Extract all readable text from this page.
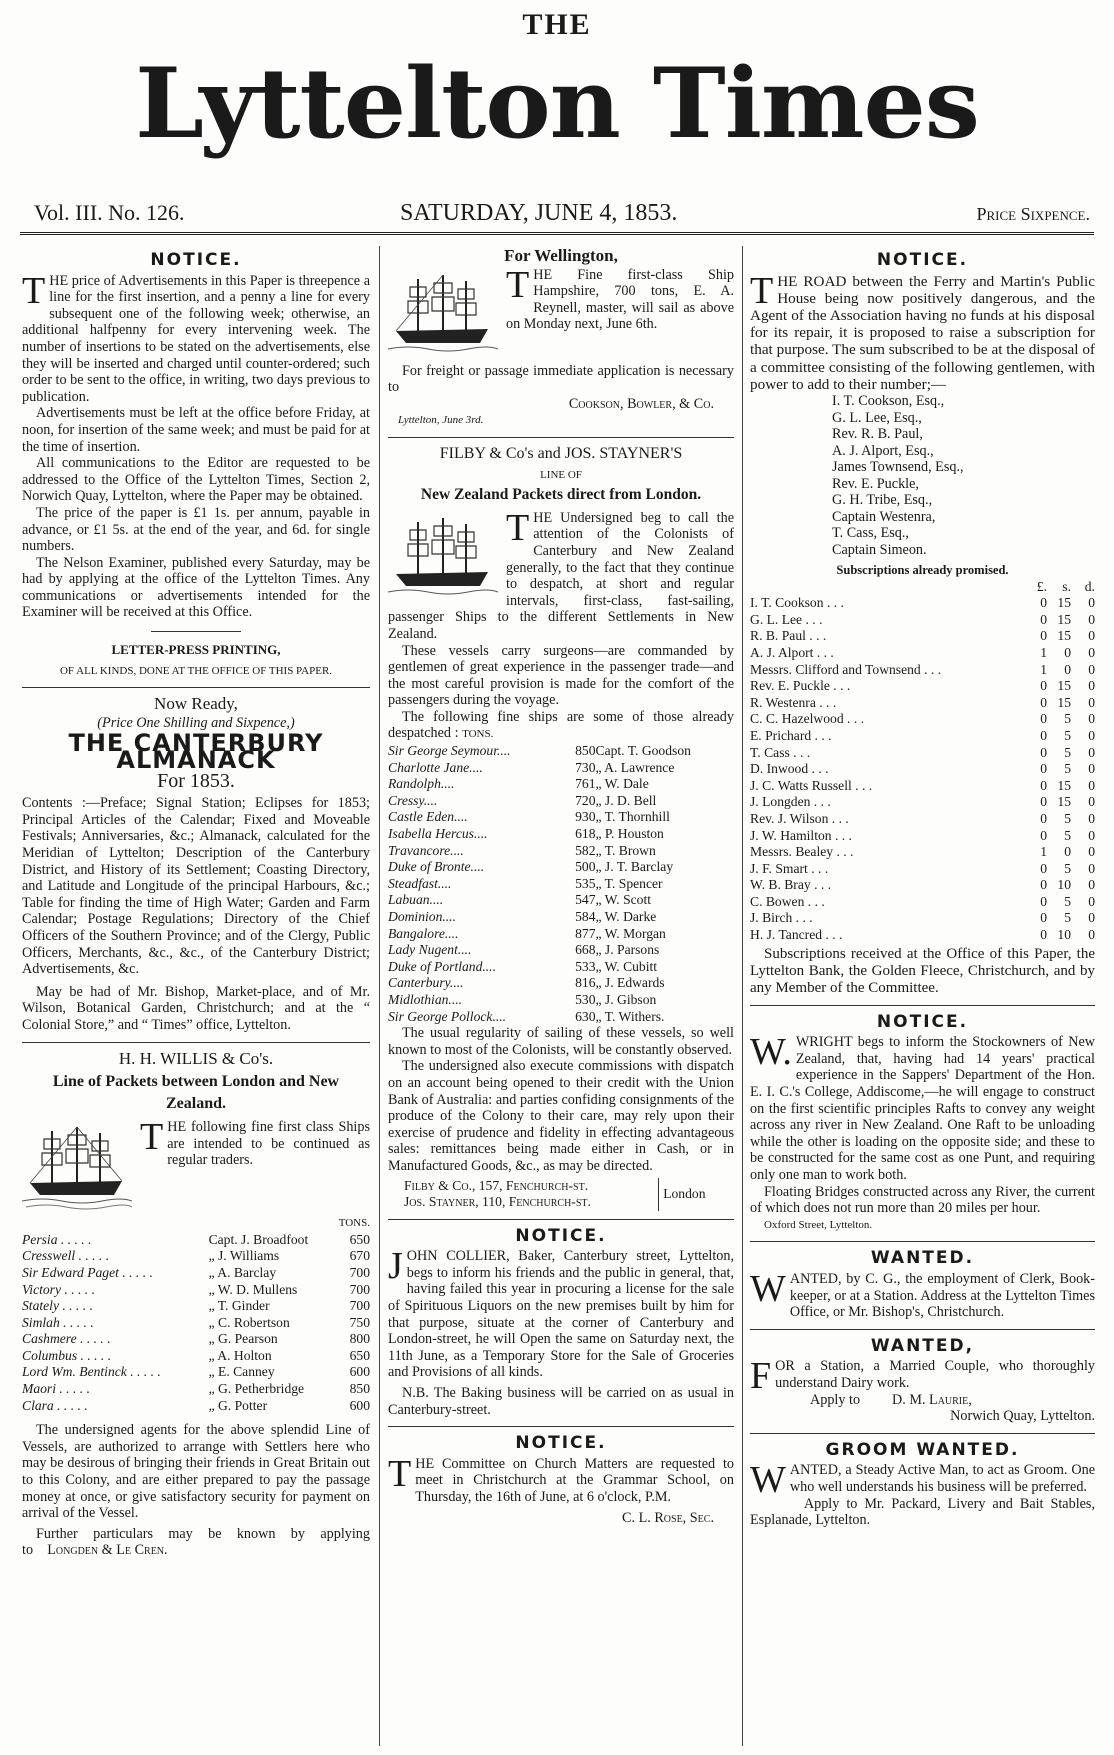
THE
Lyttelton Times
Vol. III. No. 126.	SATURDAY, JUNE 4, 1853.	Price Sixpence.
NOTICE.

THE price of Advertisements in this Paper is threepence a line for the first insertion, and a penny a line for every subsequent one of the following week; otherwise, an additional halfpenny for every intervening week. The number of insertions to be stated on the advertisements, else they will be inserted and charged until counter-ordered; such order to be sent to the office, in writing, two days previous to publication.

Advertisements must be left at the office before Friday, at noon, for insertion of the same week; and must be paid for at the time of insertion.

All communications to the Editor are requested to be addressed to the Office of the Lyttelton Times, Section 2, Norwich Quay, Lyttelton, where the Paper may be obtained.

The price of the paper is £1 1s. per annum, payable in advance, or £1 5s. at the end of the year, and 6d. for single numbers.

The Nelson Examiner, published every Saturday, may be had by applying at the office of the Lyttelton Times. Any communications or advertisements intended for the Examiner will be received at this Office.

LETTER-PRESS PRINTING,
OF ALL KINDS, DONE AT THE OFFICE OF THIS PAPER.
Now Ready,
(Price One Shilling and Sixpence,)
THE CANTERBURY ALMANACK
For 1853.

Contents :—Preface; Signal Station; Eclipses for 1853; Principal Articles of the Calendar; Fixed and Moveable Festivals; Anniversaries, &c.; Almanack, calculated for the Meridian of Lyttelton; Description of the Canterbury District, and History of its Settlement; Coasting Directory, and Latitude and Longitude of the principal Harbours, &c.; Table for finding the time of High Water; Garden and Farm Calendar; Postage Regulations; Directory of the Chief Officers of the Southern Province; and of the Clergy, Public Officers, Merchants, &c., &c., of the Canterbury District; Advertisements, &c.

May be had of Mr. Bishop, Market-place, and of Mr. Wilson, Botanical Garden, Christchurch; and at the “ Colonial Store,” and “ Times” office, Lyttelton.

H. H. WILLIS & Co's.
Line of Packets between London and New Zealand.

THE following fine first class Ships are intended to be continued as regular traders.

TONS.
Persia . . . . .	Capt. J. Broadfoot	650
Cresswell . . . . .	„ J. Williams	670
Sir Edward Paget . . . . .	„ A. Barclay	700
Victory . . . . .	„ W. D. Mullens	700
Stately . . . . .	„ T. Ginder	700
Simlah . . . . .	„ C. Robertson	750
Cashmere . . . . .	„ G. Pearson	800
Columbus . . . . .	„ A. Holton	650
Lord Wm. Bentinck . . . . .	„ E. Canney	600
Maori . . . . .	„ G. Petherbridge	850
Clara . . . . .	„ G. Potter	600

The undersigned agents for the above splendid Line of Vessels, are authorized to arrange with Settlers here who may be desirous of bringing their friends in Great Britain out to this Colony, and are either prepared to pay the passage money at once, or give satisfactory security for payment on arrival of the Vessel.

Further particulars may be known by applying to Longden & Le Cren.

For Wellington,

THE Fine first-class Ship Hampshire, 700 tons, E. A. Reynell, master, will sail as above on Monday next, June 6th.

For freight or passage immediate application is necessary to

Cookson, Bowler, & Co.
Lyttelton, June 3rd.
FILBY & Co's and JOS. STAYNER'S
LINE OF
New Zealand Packets direct from London.

THE Undersigned beg to call the attention of the Colonists of Canterbury and New Zealand generally, to the fact that they continue to despatch, at short and regular intervals, first-class, fast-sailing, passenger Ships to the different Settlements in New Zealand.

These vessels carry surgeons—are commanded by gentlemen of great experience in the passenger trade—and the most careful provision is made for the comfort of the passengers during the voyage.

The following fine ships are some of those already despatched : TONS.

Sir George Seymour....	850	Capt. T. Goodson
Charlotte Jane....	730	„ A. Lawrence
Randolph....	761	„ W. Dale
Cressy....	720	„ J. D. Bell
Castle Eden....	930	„ T. Thornhill
Isabella Hercus....	618	„ P. Houston
Travancore....	582	„ T. Brown
Duke of Bronte....	500	„ J. T. Barclay
Steadfast....	535	„ T. Spencer
Labuan....	547	„ W. Scott
Dominion....	584	„ W. Darke
Bangalore....	877	„ W. Morgan
Lady Nugent....	668	„ J. Parsons
Duke of Portland....	533	„ W. Cubitt
Canterbury....	816	„ J. Edwards
Midlothian....	530	„ J. Gibson
Sir George Pollock....	630	„ T. Withers.

The usual regularity of sailing of these vessels, so well known to most of the Colonists, will be constantly observed.

The undersigned also execute commissions with dispatch on an account being opened to their credit with the Union Bank of Australia: and parties confiding consignments of the produce of the Colony to their care, may rely upon their exercise of prudence and fidelity in effecting advantageous sales: remittances being made either in Cash, or in Manufactured Goods, &c., as may be directed.

Filby & Co., 157, Fenchurch-st.	London
Jos. Stayner, 110, Fenchurch-st.
NOTICE.

JOHN COLLIER, Baker, Canterbury street, Lyttelton, begs to inform his friends and the public in general, that, having failed this year in procuring a license for the sale of Spirituous Liquors on the new premises built by him for that purpose, situate at the corner of Canterbury and London-street, he will Open the same on Saturday next, the 11th June, as a Temporary Store for the Sale of Groceries and Provisions of all kinds.

N.B. The Baking business will be carried on as usual in Canterbury-street.

NOTICE.

THE Committee on Church Matters are requested to meet in Christchurch at the Grammar School, on Thursday, the 16th of June, at 6 o'clock, P.M.

C. L. Rose, Sec.
NOTICE.

THE ROAD between the Ferry and Martin's Public House being now positively dangerous, and the Agent of the Association having no funds at his disposal for its repair, it is proposed to raise a subscription for that purpose. The sum subscribed to be at the disposal of a committee consisting of the following gentlemen, with power to add to their number;—

I. T. Cookson, Esq.,
G. L. Lee, Esq.,
Rev. R. B. Paul,
A. J. Alport, Esq.,
James Townsend, Esq.,
Rev. E. Puckle,
G. H. Tribe, Esq.,
Captain Westenra,
T. Cass, Esq.,
Captain Simeon.
Subscriptions already promised.
	£.	s.	d.
I. T. Cookson . . .	0	15	0
G. L. Lee . . .	0	15	0
R. B. Paul . . .	0	15	0
A. J. Alport . . .	1	0	0
Messrs. Clifford and Townsend . . .	1	0	0
Rev. E. Puckle . . .	0	15	0
R. Westenra . . .	0	15	0
C. C. Hazelwood . . .	0	5	0
E. Prichard . . .	0	5	0
T. Cass . . .	0	5	0
D. Inwood . . .	0	5	0
J. C. Watts Russell . . .	0	15	0
J. Longden . . .	0	15	0
Rev. J. Wilson . . .	0	5	0
J. W. Hamilton . . .	0	5	0
Messrs. Bealey . . .	1	0	0
J. F. Smart . . .	0	5	0
W. B. Bray . . .	0	10	0
C. Bowen . . .	0	5	0
J. Birch . . .	0	5	0
H. J. Tancred . . .	0	10	0

Subscriptions received at the Office of this Paper, the Lyttelton Bank, the Golden Fleece, Christchurch, and by any Member of the Committee.

NOTICE.

W. WRIGHT begs to inform the Stockowners of New Zealand, that, having had 14 years' practical experience in the Sappers' Department of the Hon. E. I. C.'s College, Addiscome,—he will engage to construct on the first scientific principles Rafts to convey any weight across any river in New Zealand. One Raft to be unloading while the other is loading on the opposite side; and these to be constructed for the same cost as one Punt, and requiring only one man to work both.

Floating Bridges constructed across any River, the current of which does not run more than 20 miles per hour.

Oxford Street, Lyttelton.
WANTED.

WANTED, by C. G., the employment of Clerk, Book-keeper, or at a Station. Address at the Lyttelton Times Office, or Mr. Bishop's, Christchurch.

WANTED,

FOR a Station, a Married Couple, who thoroughly understand Dairy work.

Apply to D. M. Laurie,
Norwich Quay, Lyttelton.
GROOM WANTED.

WANTED, a Steady Active Man, to act as Groom. One who well understands his business will be preferred.

Apply to Mr. Packard, Livery and Bait Stables, Esplanade, Lyttelton.
